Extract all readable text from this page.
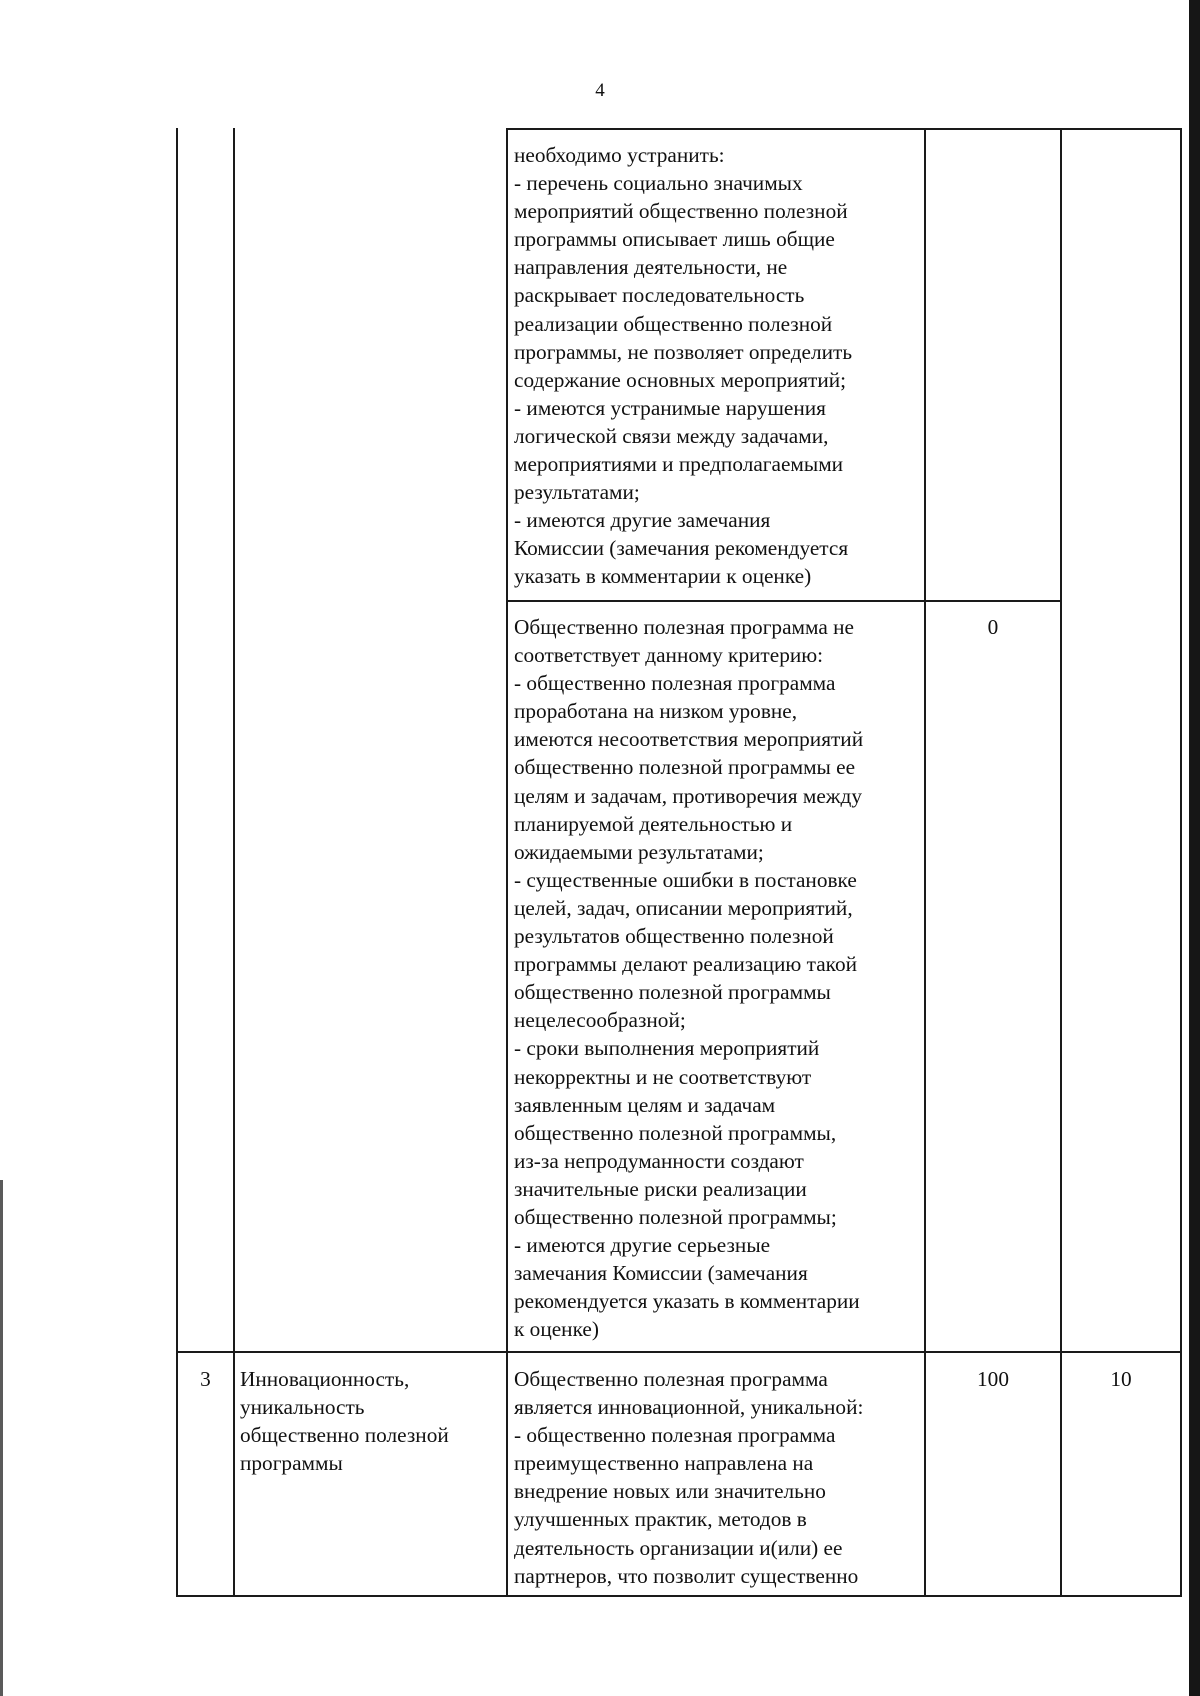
4
необходимо устранить:
- перечень социально значимых
мероприятий общественно полезной
программы описывает лишь общие
направления деятельности, не
раскрывает последовательность
реализации общественно полезной
программы, не позволяет определить
содержание основных мероприятий;
- имеются устранимые нарушения
логической связи между задачами,
мероприятиями и предполагаемыми
результатами;
- имеются другие замечания
Комиссии (замечания рекомендуется
указать в комментарии к оценке)
Общественно полезная программа не
соответствует данному критерию:
- общественно полезная программа
проработана на низком уровне,
имеются несоответствия мероприятий
общественно полезной программы ее
целям и задачам, противоречия между
планируемой деятельностью и
ожидаемыми результатами;
- существенные ошибки в постановке
целей, задач, описании мероприятий,
результатов общественно полезной
программы делают реализацию такой
общественно полезной программы
нецелесообразной;
- сроки выполнения мероприятий
некорректны и не соответствуют
заявленным целям и задачам
общественно полезной программы,
из-за непродуманности создают
значительные риски реализации
общественно полезной программы;
- имеются другие серьезные
замечания Комиссии (замечания
рекомендуется указать в комментарии
к оценке)
0
3	Инновационность,
уникальность
общественно полезной
программы
Общественно полезная программа
является инновационной, уникальной:
- общественно полезная программа
преимущественно направлена на
внедрение новых или значительно
улучшенных практик, методов в
деятельность организации и(или) ее
партнеров, что позволит существенно
100	10
